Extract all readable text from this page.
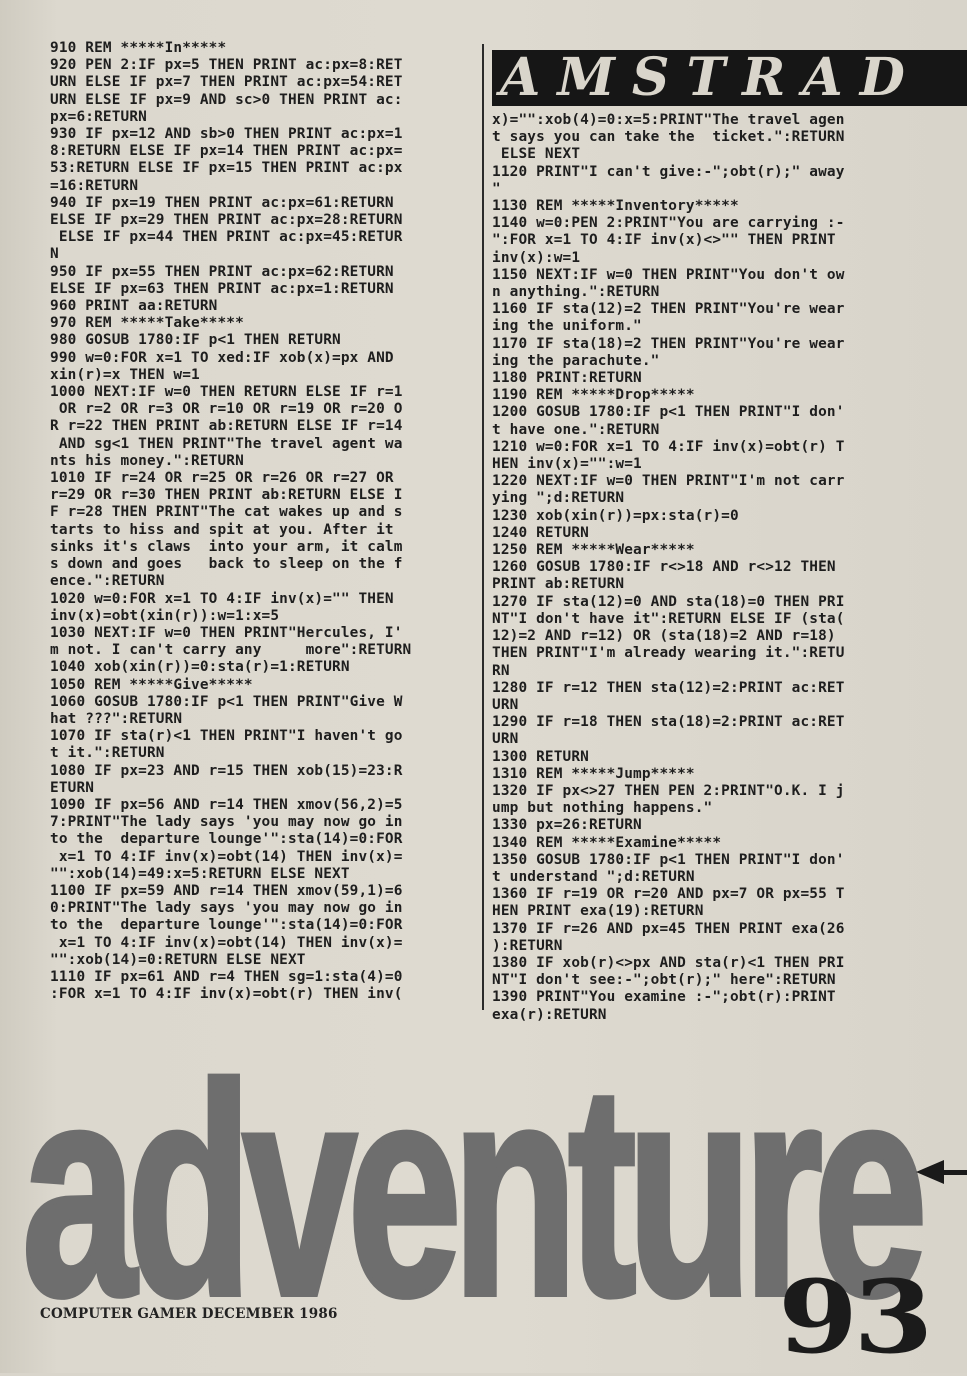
910 REM *****In*****
920 PEN 2:IF px=5 THEN PRINT ac:px=8:RET
URN ELSE IF px=7 THEN PRINT ac:px=54:RET
URN ELSE IF px=9 AND sc>0 THEN PRINT ac:
px=6:RETURN
930 IF px=12 AND sb>0 THEN PRINT ac:px=1
8:RETURN ELSE IF px=14 THEN PRINT ac:px=
53:RETURN ELSE IF px=15 THEN PRINT ac:px
=16:RETURN
940 IF px=19 THEN PRINT ac:px=61:RETURN
ELSE IF px=29 THEN PRINT ac:px=28:RETURN
ELSE IF px=44 THEN PRINT ac:px=45:RETUR
N
950 IF px=55 THEN PRINT ac:px=62:RETURN
ELSE IF px=63 THEN PRINT ac:px=1:RETURN
960 PRINT aa:RETURN
970 REM *****Take*****
980 GOSUB 1780:IF p<1 THEN RETURN
990 w=0:FOR x=1 TO xed:IF xob(x)=px AND
xin(r)=x THEN w=1
1000 NEXT:IF w=0 THEN RETURN ELSE IF r=1
OR r=2 OR r=3 OR r=10 OR r=19 OR r=20 O
R r=22 THEN PRINT ab:RETURN ELSE IF r=14
AND sg<1 THEN PRINT"The travel agent wa
nts his money.":RETURN
1010 IF r=24 OR r=25 OR r=26 OR r=27 OR
r=29 OR r=30 THEN PRINT ab:RETURN ELSE I
F r=28 THEN PRINT"The cat wakes up and s
tarts to hiss and spit at you. After it
sinks it's claws  into your arm, it calm
s down and goes   back to sleep on the f
ence.":RETURN
1020 w=0:FOR x=1 TO 4:IF inv(x)="" THEN
inv(x)=obt(xin(r)):w=1:x=5
1030 NEXT:IF w=0 THEN PRINT"Hercules, I'
m not. I can't carry any     more":RETURN
1040 xob(xin(r))=0:sta(r)=1:RETURN
1050 REM *****Give*****
1060 GOSUB 1780:IF p<1 THEN PRINT"Give W
hat ???":RETURN
1070 IF sta(r)<1 THEN PRINT"I haven't go
t it.":RETURN
1080 IF px=23 AND r=15 THEN xob(15)=23:R
ETURN
1090 IF px=56 AND r=14 THEN xmov(56,2)=5
7:PRINT"The lady says 'you may now go in
to the  departure lounge'":sta(14)=0:FOR
x=1 TO 4:IF inv(x)=obt(14) THEN inv(x)=
"":xob(14)=49:x=5:RETURN ELSE NEXT
1100 IF px=59 AND r=14 THEN xmov(59,1)=6
0:PRINT"The lady says 'you may now go in
to the  departure lounge'":sta(14)=0:FOR
x=1 TO 4:IF inv(x)=obt(14) THEN inv(x)=
"":xob(14)=0:RETURN ELSE NEXT
1110 IF px=61 AND r=4 THEN sg=1:sta(4)=0
:FOR x=1 TO 4:IF inv(x)=obt(r) THEN inv(
AMSTRAD
x)="":xob(4)=0:x=5:PRINT"The travel agen
t says you can take the  ticket.":RETURN
ELSE NEXT
1120 PRINT"I can't give:-";obt(r);" away
"
1130 REM *****Inventory*****
1140 w=0:PEN 2:PRINT"You are carrying :-
":FOR x=1 TO 4:IF inv(x)<>"" THEN PRINT
inv(x):w=1
1150 NEXT:IF w=0 THEN PRINT"You don't ow
n anything.":RETURN
1160 IF sta(12)=2 THEN PRINT"You're wear
ing the uniform."
1170 IF sta(18)=2 THEN PRINT"You're wear
ing the parachute."
1180 PRINT:RETURN
1190 REM *****Drop*****
1200 GOSUB 1780:IF p<1 THEN PRINT"I don'
t have one.":RETURN
1210 w=0:FOR x=1 TO 4:IF inv(x)=obt(r) T
HEN inv(x)="":w=1
1220 NEXT:IF w=0 THEN PRINT"I'm not carr
ying ";d:RETURN
1230 xob(xin(r))=px:sta(r)=0
1240 RETURN
1250 REM *****Wear*****
1260 GOSUB 1780:IF r<>18 AND r<>12 THEN
PRINT ab:RETURN
1270 IF sta(12)=0 AND sta(18)=0 THEN PRI
NT"I don't have it":RETURN ELSE IF (sta(
12)=2 AND r=12) OR (sta(18)=2 AND r=18)
THEN PRINT"I'm already wearing it.":RETU
RN
1280 IF r=12 THEN sta(12)=2:PRINT ac:RET
URN
1290 IF r=18 THEN sta(18)=2:PRINT ac:RET
URN
1300 RETURN
1310 REM *****Jump*****
1320 IF px<>27 THEN PEN 2:PRINT"O.K. I j
ump but nothing happens."
1330 px=26:RETURN
1340 REM *****Examine*****
1350 GOSUB 1780:IF p<1 THEN PRINT"I don'
t understand ";d:RETURN
1360 IF r=19 OR r=20 AND px=7 OR px=55 T
HEN PRINT exa(19):RETURN
1370 IF r=26 AND px=45 THEN PRINT exa(26
):RETURN
1380 IF xob(r)<>px AND sta(r)<1 THEN PRI
NT"I don't see:-";obt(r);" here":RETURN
1390 PRINT"You examine :-";obt(r):PRINT
exa(r):RETURN
adventure
COMPUTER GAMER DECEMBER 1986	93
